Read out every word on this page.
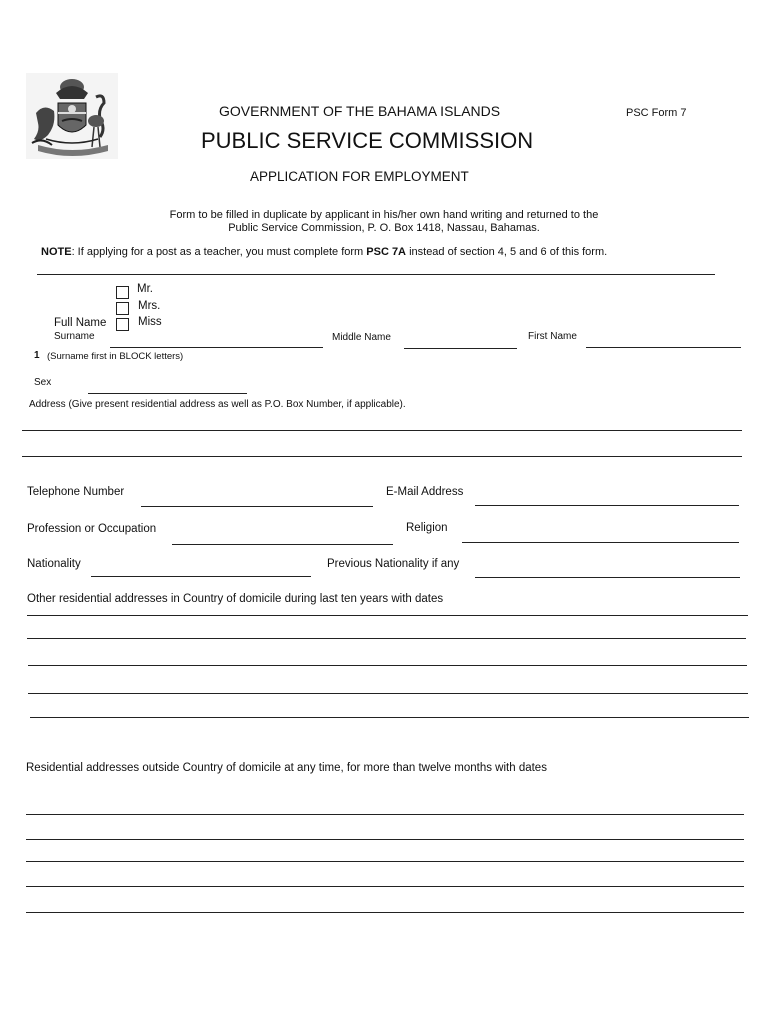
GOVERNMENT OF THE BAHAMA ISLANDS	PSC Form 7
PUBLIC SERVICE COMMISSION
APPLICATION FOR EMPLOYMENT
Form to be filled in duplicate by applicant in his/her own hand writing and returned to the
Public Service Commission, P. O. Box 1418, Nassau, Bahamas.
NOTE: If applying for a post as a teacher, you must complete form PSC 7A instead of section 4, 5 and 6 of this form.
Mr.
Mrs.
Miss
Full Name
Surname	Middle Name	First Name
1 (Surname first in BLOCK letters)
Sex
Address (Give present residential address as well as P.O. Box Number, if applicable).
Telephone Number	E-Mail Address
Profession or Occupation	Religion
Nationality	Previous Nationality if any
Other residential addresses in Country of domicile during last ten years with dates
Residential addresses outside Country of domicile at any time, for more than twelve months with dates
